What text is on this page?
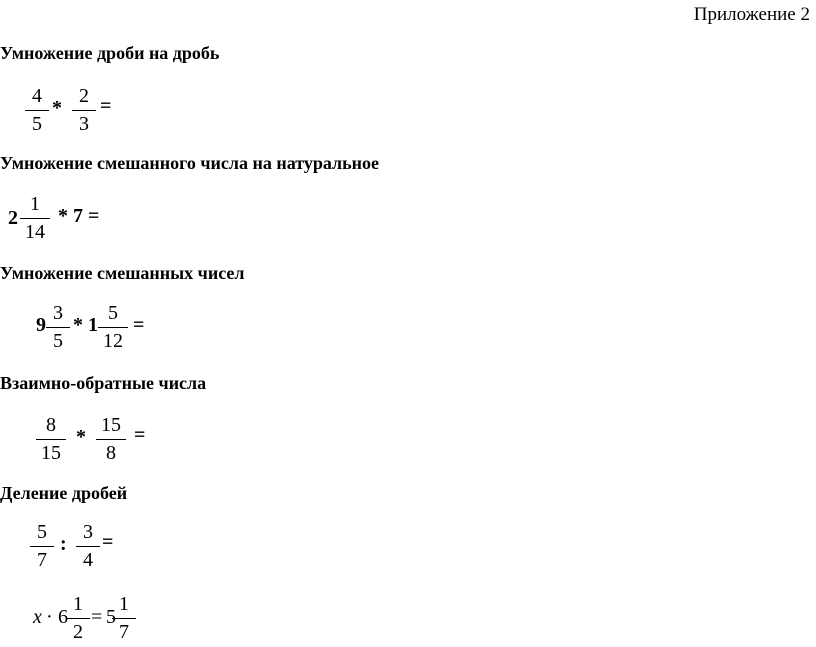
Приложение 2
Умножение дроби на дробь
4
5
*
2
3
=
Умножение смешанного числа на натуральное
2
1
14
* 7 =
Умножение смешанных чисел
9
3
5
* 1
5
12
=
Взаимно-обратные числа
8
15
*
15
8
=
Деление дробей
5
7
:
3
4
=
x · 6
1
2
= 5
1
7
